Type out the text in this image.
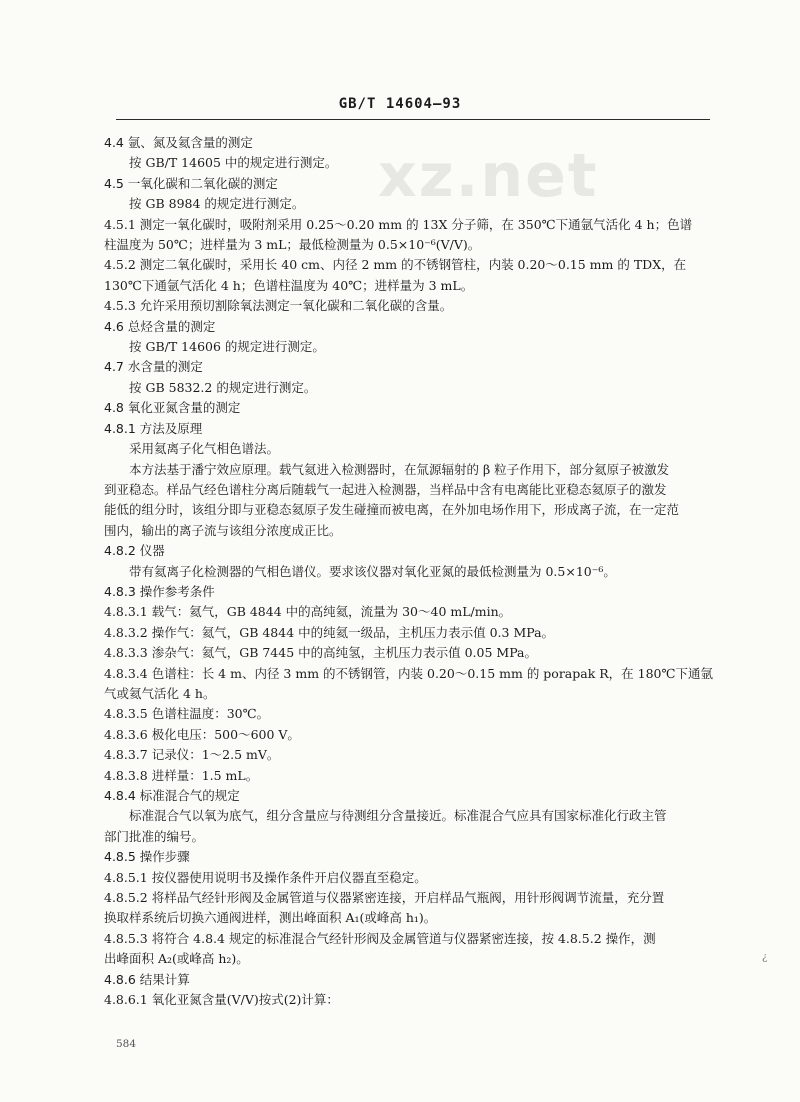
GB/T 14604—93
xz.net
4.4 氩、氮及氦含量的测定
按 GB/T 14605 中的规定进行测定。
4.5 一氧化碳和二氧化碳的测定
按 GB 8984 的规定进行测定。
4.5.1 测定一氧化碳时，吸附剂采用 0.25～0.20 mm 的 13X 分子筛，在 350℃下通氩气活化 4 h；色谱
柱温度为 50℃；进样量为 3 mL；最低检测量为 0.5×10⁻⁶(V/V)。
4.5.2 测定二氧化碳时，采用长 40 cm、内径 2 mm 的不锈钢管柱，内装 0.20～0.15 mm 的 TDX，在
130℃下通氩气活化 4 h；色谱柱温度为 40℃；进样量为 3 mL。
4.5.3 允许采用预切割除氧法测定一氧化碳和二氧化碳的含量。
4.6 总烃含量的测定
按 GB/T 14606 的规定进行测定。
4.7 水含量的测定
按 GB 5832.2 的规定进行测定。
4.8 氧化亚氮含量的测定
4.8.1 方法及原理
采用氦离子化气相色谱法。
本方法基于潘宁效应原理。载气氦进入检测器时，在氚源辐射的 β 粒子作用下，部分氦原子被激发
到亚稳态。样品气经色谱柱分离后随载气一起进入检测器，当样品中含有电离能比亚稳态氦原子的激发
能低的组分时，该组分即与亚稳态氦原子发生碰撞而被电离，在外加电场作用下，形成离子流，在一定范
围内，输出的离子流与该组分浓度成正比。
4.8.2 仪器
带有氦离子化检测器的气相色谱仪。要求该仪器对氧化亚氮的最低检测量为 0.5×10⁻⁶。
4.8.3 操作参考条件
4.8.3.1 载气：氦气，GB 4844 中的高纯氦，流量为 30～40 mL/min。
4.8.3.2 操作气：氦气，GB 4844 中的纯氦一级品，主机压力表示值 0.3 MPa。
4.8.3.3 渗杂气：氦气，GB 7445 中的高纯氢，主机压力表示值 0.05 MPa。
4.8.3.4 色谱柱：长 4 m、内径 3 mm 的不锈钢管，内装 0.20～0.15 mm 的 porapak R，在 180℃下通氩
气或氦气活化 4 h。
4.8.3.5 色谱柱温度：30℃。
4.8.3.6 极化电压：500～600 V。
4.8.3.7 记录仪：1～2.5 mV。
4.8.3.8 进样量：1.5 mL。
4.8.4 标准混合气的规定
标准混合气以氧为底气，组分含量应与待测组分含量接近。标准混合气应具有国家标准化行政主管
部门批准的编号。
4.8.5 操作步骤
4.8.5.1 按仪器使用说明书及操作条件开启仪器直至稳定。
4.8.5.2 将样品气经针形阀及金属管道与仪器紧密连接，开启样品气瓶阀，用针形阀调节流量，充分置
换取样系统后切换六通阀进样，测出峰面积 A₁(或峰高 h₁)。
4.8.5.3 将符合 4.8.4 规定的标准混合气经针形阀及金属管道与仪器紧密连接，按 4.8.5.2 操作，测
出峰面积 A₂(或峰高 h₂)。
4.8.6 结果计算
4.8.6.1 氧化亚氮含量(V/V)按式(2)计算：
584
¿
